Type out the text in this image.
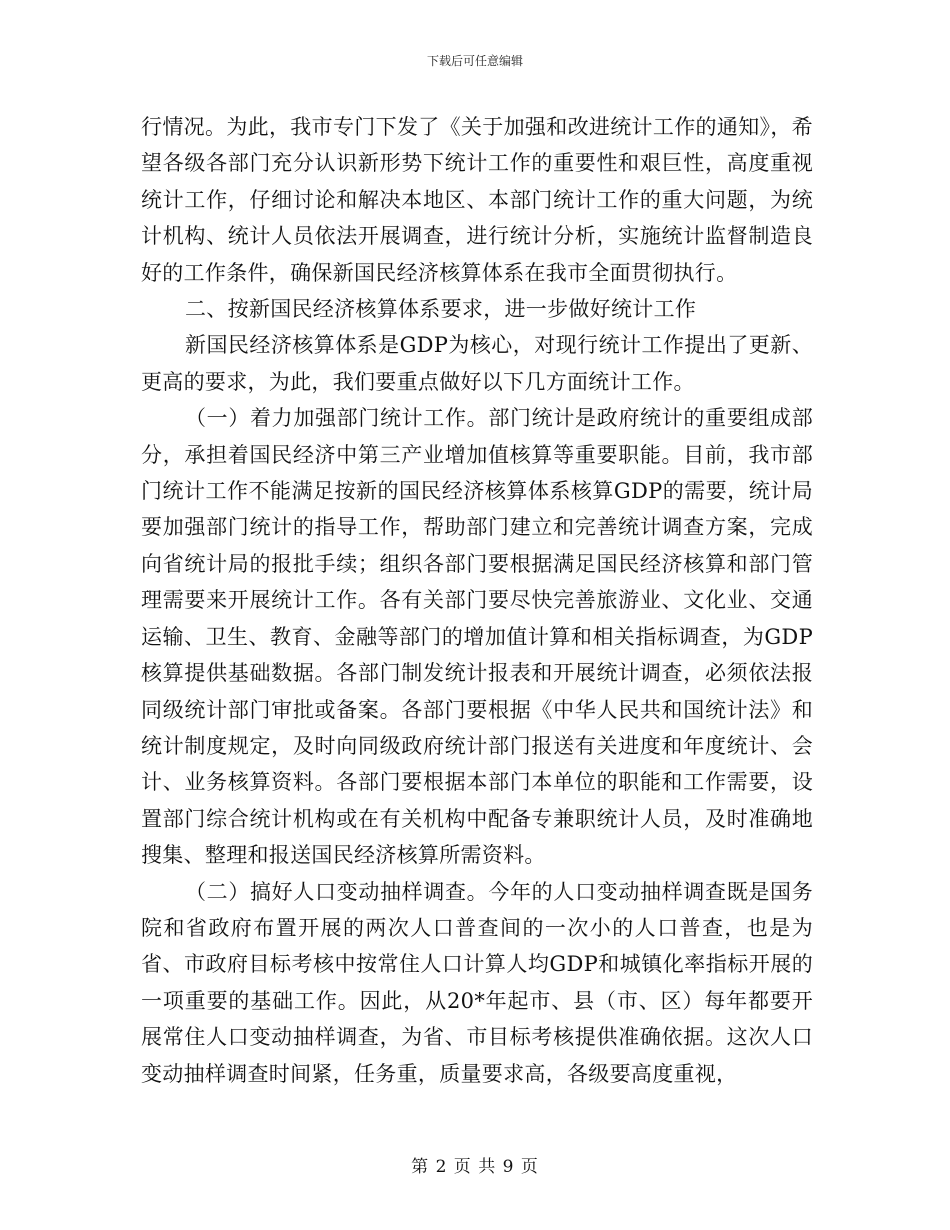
下载后可任意编辑

行情况。为此，我市专门下发了《关于加强和改进统计工作的通知》，希望各级各部门充分认识新形势下统计工作的重要性和艰巨性，高度重视统计工作，仔细讨论和解决本地区、本部门统计工作的重大问题，为统计机构、统计人员依法开展调查，进行统计分析，实施统计监督制造良好的工作条件，确保新国民经济核算体系在我市全面贯彻执行。

二、按新国民经济核算体系要求，进一步做好统计工作

新国民经济核算体系是GDP为核心，对现行统计工作提出了更新、更高的要求，为此，我们要重点做好以下几方面统计工作。

（一）着力加强部门统计工作。部门统计是政府统计的重要组成部分，承担着国民经济中第三产业增加值核算等重要职能。目前，我市部门统计工作不能满足按新的国民经济核算体系核算GDP的需要，统计局要加强部门统计的指导工作，帮助部门建立和完善统计调查方案，完成向省统计局的报批手续；组织各部门要根据满足国民经济核算和部门管理需要来开展统计工作。各有关部门要尽快完善旅游业、文化业、交通运输、卫生、教育、金融等部门的增加值计算和相关指标调查，为GDP核算提供基础数据。各部门制发统计报表和开展统计调查，必须依法报同级统计部门审批或备案。各部门要根据《中华人民共和国统计法》和统计制度规定，及时向同级政府统计部门报送有关进度和年度统计、会计、业务核算资料。各部门要根据本部门本单位的职能和工作需要，设置部门综合统计机构或在有关机构中配备专兼职统计人员，及时准确地搜集、整理和报送国民经济核算所需资料。

（二）搞好人口变动抽样调查。今年的人口变动抽样调查既是国务院和省政府布置开展的两次人口普查间的一次小的人口普查，也是为省、市政府目标考核中按常住人口计算人均GDP和城镇化率指标开展的一项重要的基础工作。因此，从20*年起市、县（市、区）每年都要开展常住人口变动抽样调查，为省、市目标考核提供准确依据。这次人口变动抽样调查时间紧，任务重，质量要求高，各级要高度重视，

第 2 页 共 9 页
